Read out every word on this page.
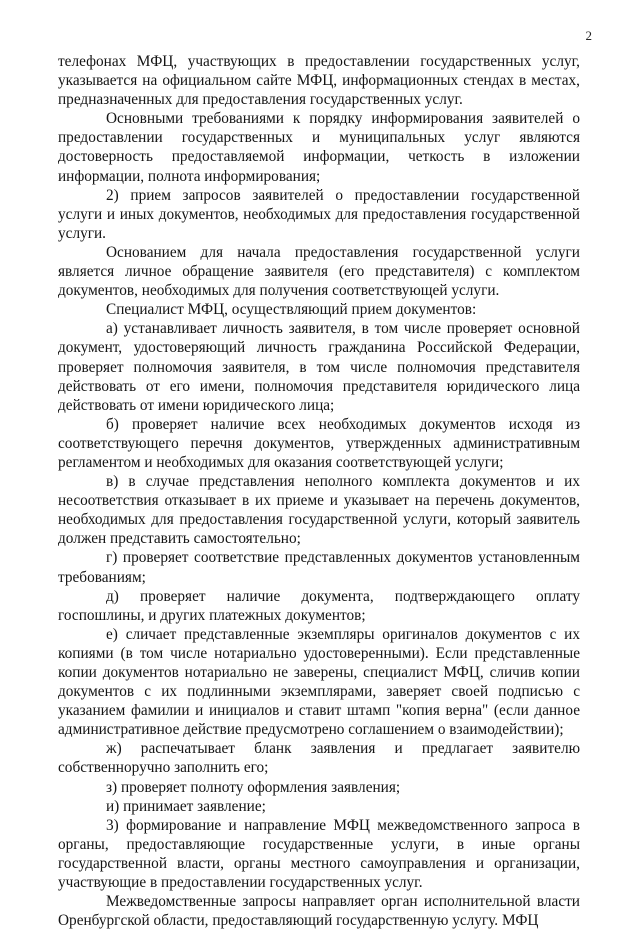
2

телефонах МФЦ, участвующих в предоставлении государственных услуг, указывается на официальном сайте МФЦ, информационных стендах в местах, предназначенных для предоставления государственных услуг.

Основными требованиями к порядку информирования заявителей о предоставлении государственных и муниципальных услуг являются достоверность предоставляемой информации, четкость в изложении информации, полнота информирования;

2) прием запросов заявителей о предоставлении государственной услуги и иных документов, необходимых для предоставления государственной услуги.

Основанием для начала предоставления государственной услуги является личное обращение заявителя (его представителя) с комплектом документов, необходимых для получения соответствующей услуги.

Специалист МФЦ, осуществляющий прием документов:

а) устанавливает личность заявителя, в том числе проверяет основной документ, удостоверяющий личность гражданина Российской Федерации, проверяет полномочия заявителя, в том числе полномочия представителя действовать от его имени, полномочия представителя юридического лица действовать от имени юридического лица;

б) проверяет наличие всех необходимых документов исходя из соответствующего перечня документов, утвержденных административным регламентом и необходимых для оказания соответствующей услуги;

в) в случае представления неполного комплекта документов и их несоответствия отказывает в их приеме и указывает на перечень документов, необходимых для предоставления государственной услуги, который заявитель должен представить самостоятельно;

г) проверяет соответствие представленных документов установленным требованиям;

д) проверяет наличие документа, подтверждающего оплату госпошлины, и других платежных документов;

е) сличает представленные экземпляры оригиналов документов с их копиями (в том числе нотариально удостоверенными). Если представленные копии документов нотариально не заверены, специалист МФЦ, сличив копии документов с их подлинными экземплярами, заверяет своей подписью с указанием фамилии и инициалов и ставит штамп "копия верна" (если данное административное действие предусмотрено соглашением о взаимодействии);

ж) распечатывает бланк заявления и предлагает заявителю собственноручно заполнить его;

з) проверяет полноту оформления заявления;

и) принимает заявление;

3) формирование и направление МФЦ межведомственного запроса в органы, предоставляющие государственные услуги, в иные органы государственной власти, органы местного самоуправления и организации, участвующие в предоставлении государственных услуг.

Межведомственные запросы направляет орган исполнительной власти Оренбургской области, предоставляющий государственную услугу. МФЦ
